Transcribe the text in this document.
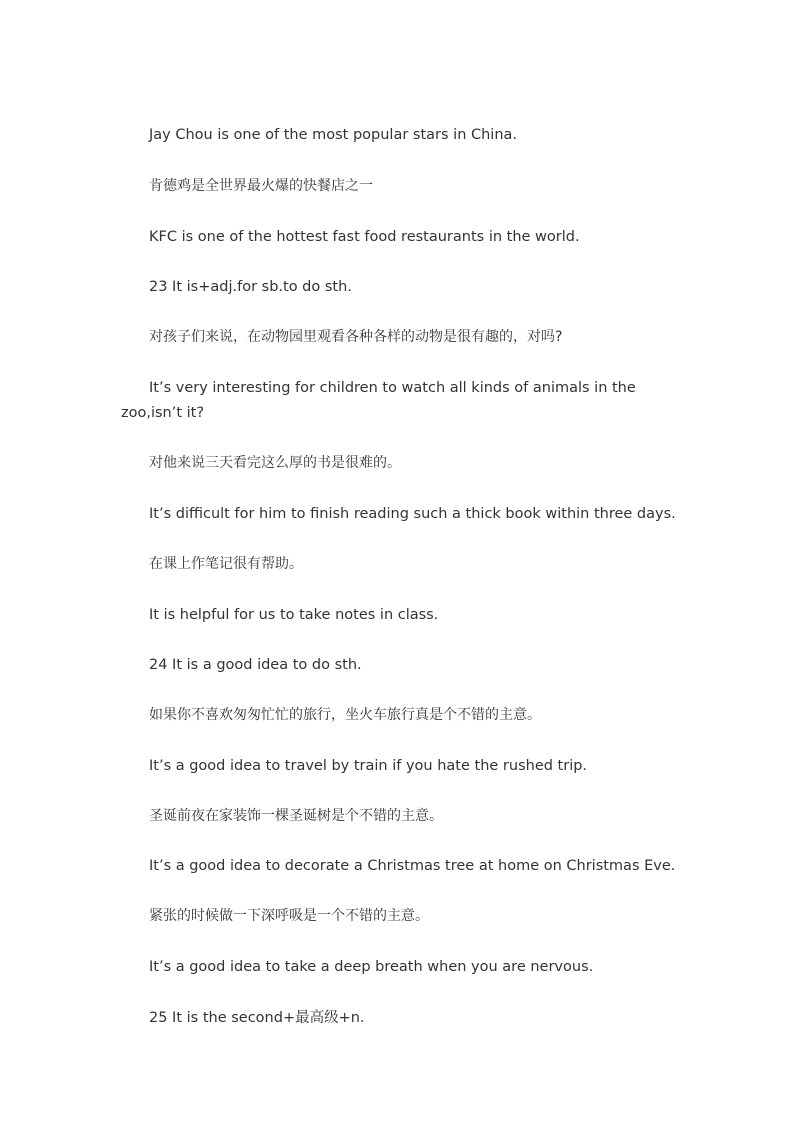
Jay Chou is one of the most popular stars in China.

肯德鸡是全世界最火爆的快餐店之一

KFC is one of the hottest fast food restaurants in the world.

23 It is+adj.for sb.to do sth.

对孩子们来说，在动物园里观看各种各样的动物是很有趣的，对吗?

It’s very interesting for children to watch all kinds of animals in the

zoo,isn’t it?

对他来说三天看完这么厚的书是很难的。

It’s difficult for him to finish reading such a thick book within three days.

在课上作笔记很有帮助。

It is helpful for us to take notes in class.

24 It is a good idea to do sth.

如果你不喜欢匆匆忙忙的旅行，坐火车旅行真是个不错的主意。

It’s a good idea to travel by train if you hate the rushed trip.

圣诞前夜在家装饰一棵圣诞树是个不错的主意。

It’s a good idea to decorate a Christmas tree at home on Christmas Eve.

紧张的时候做一下深呼吸是一个不错的主意。

It’s a good idea to take a deep breath when you are nervous.

25 It is the second+最高级+n.
